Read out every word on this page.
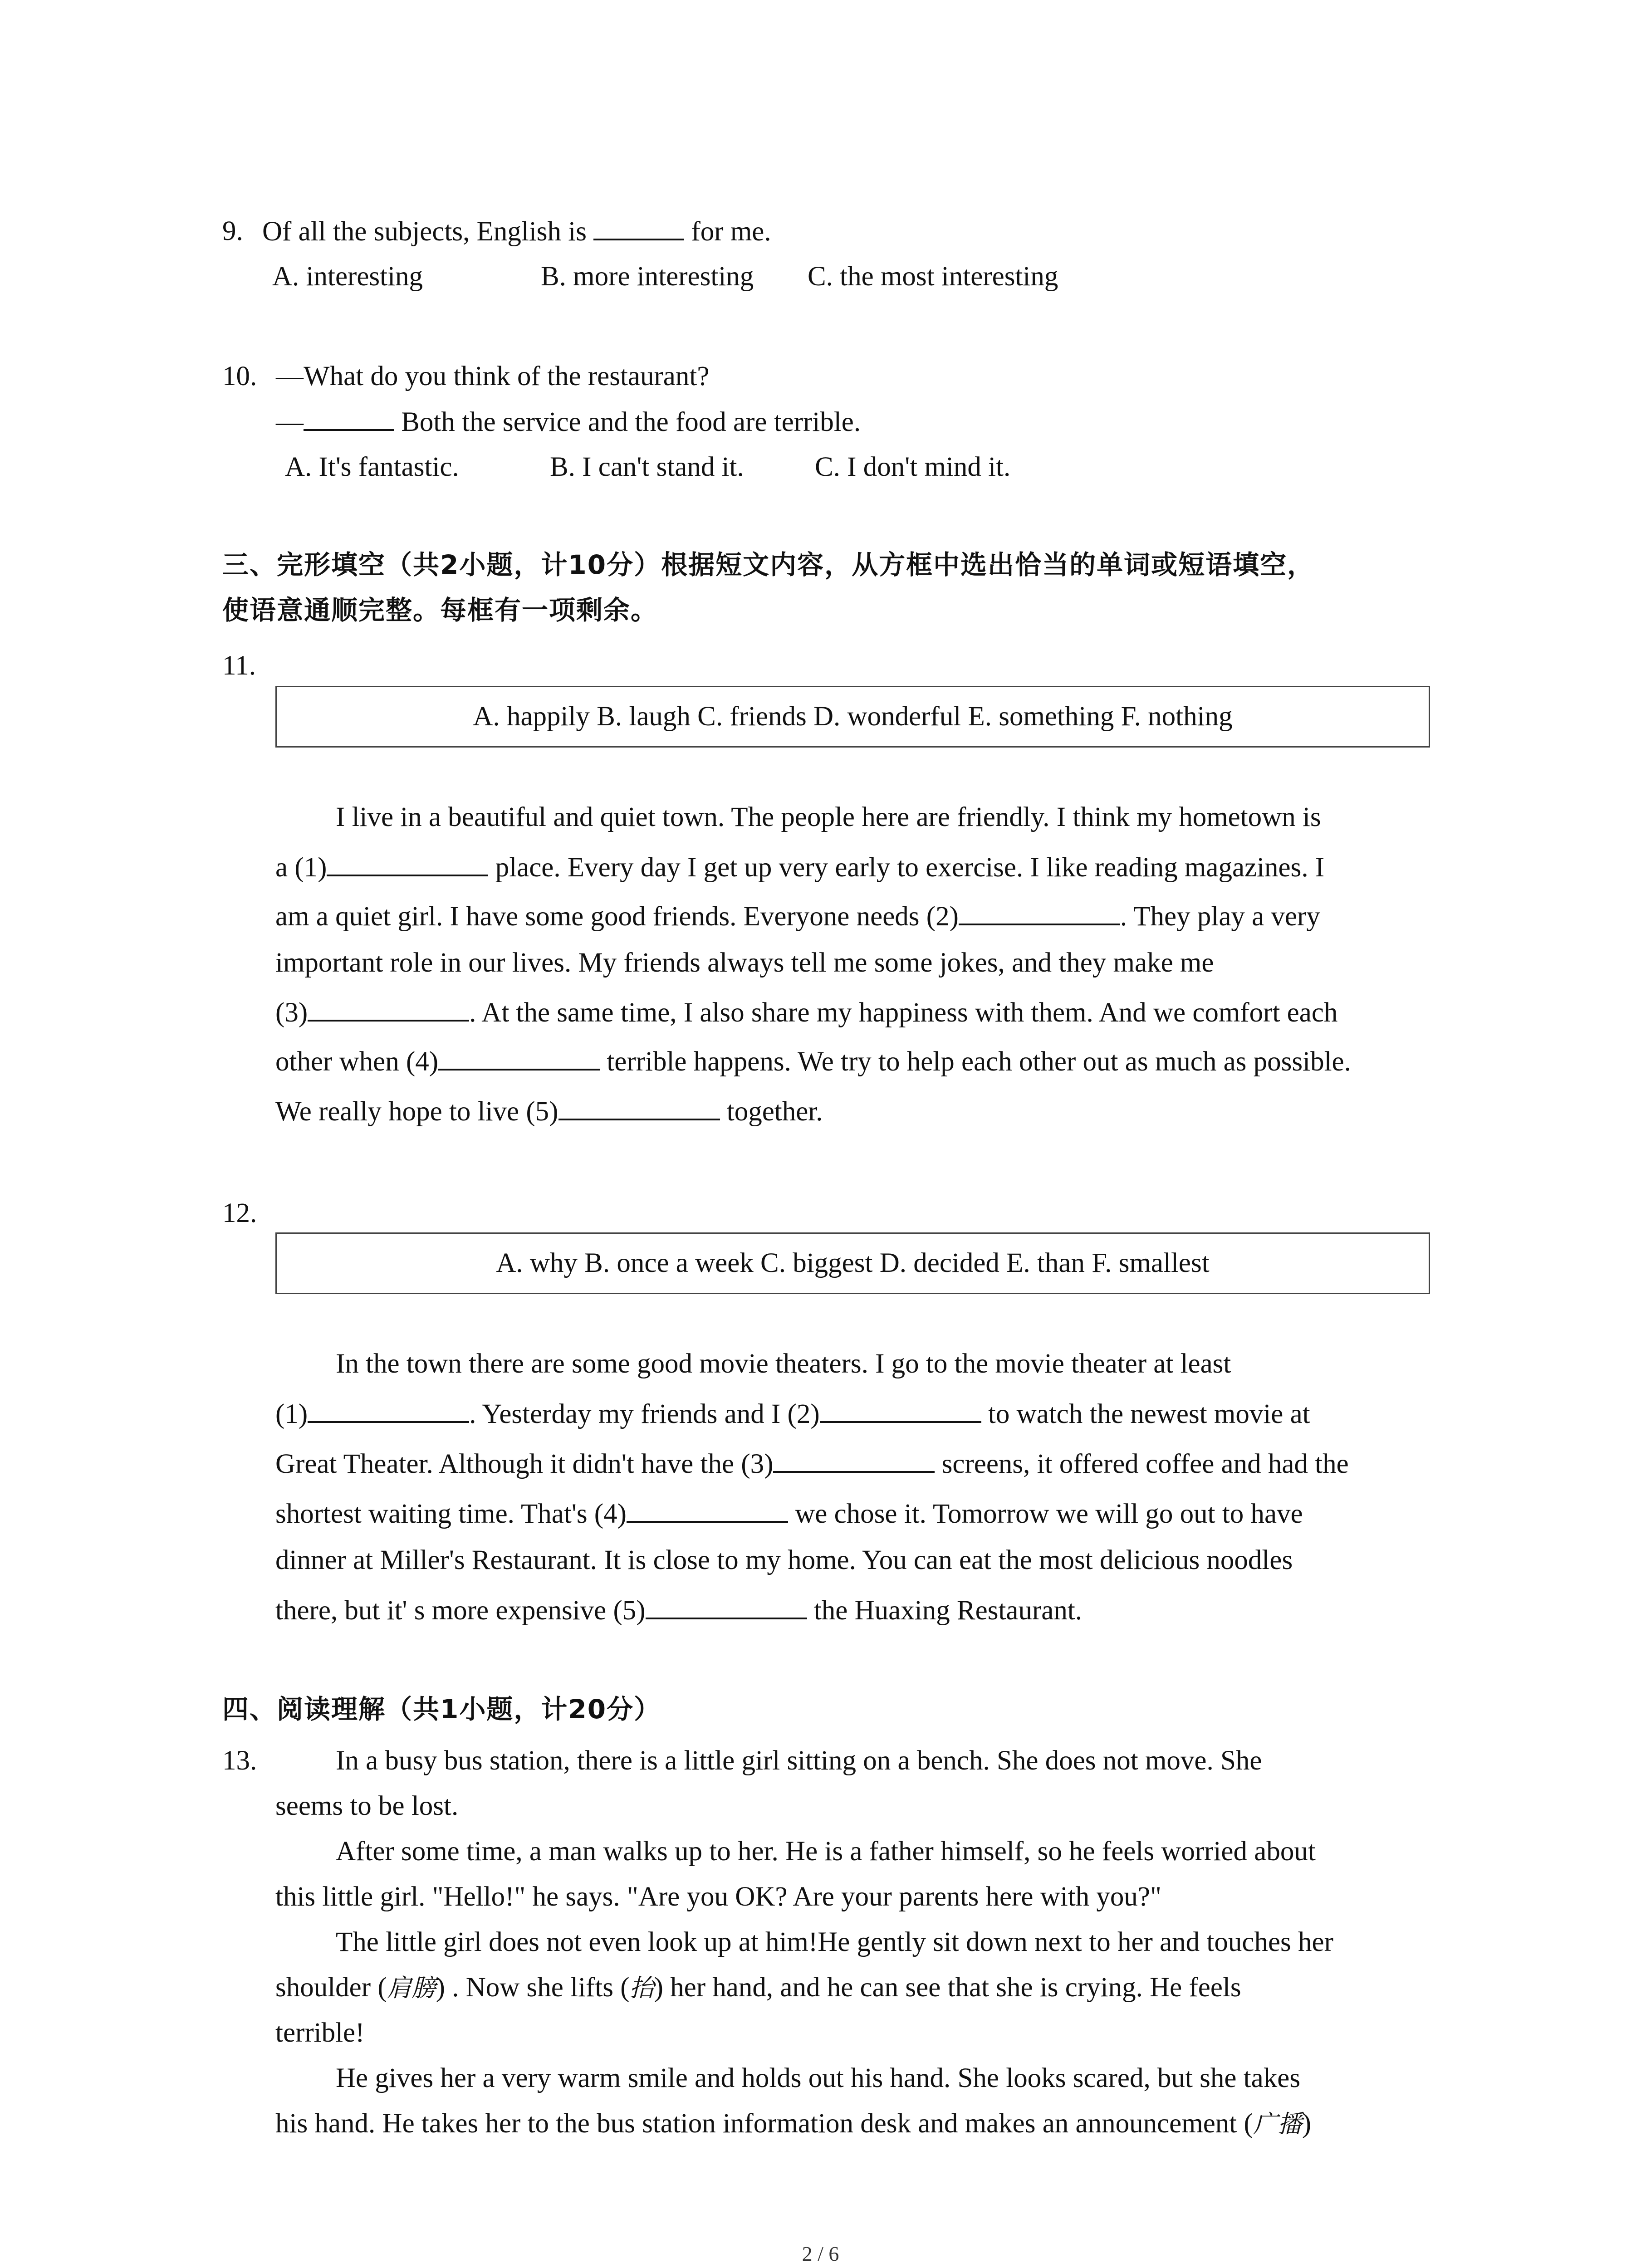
9. Of all the subjects, English is	for me.
A. interesting	B. more interesting C. the most interesting
10. —What do you think of the restaurant?
—	Both the service and the food are terrible.
A. It's fantastic.	B. I can't stand it.	C. I don't mind it.
三、完形填空（共2小题，计10分）根据短文内容，从方框中选出恰当的单词或短语填空，
使语意通顺完整。每框有一项剩余。
11.
A. happily B. laugh C. friends D. wonderful E. something F. nothing
I live in a beautiful and quiet town. The people here are friendly. I think my hometown is
a (1)	place. Every day I get up very early to exercise. I like reading magazines. I
am a quiet girl. I have some good friends. Everyone needs (2)	. They play a very
important role in our lives. My friends always tell me some jokes, and they make me
(3)	. At the same time, I also share my happiness with them. And we comfort each
other when (4)	terrible happens. We try to help each other out as much as possible.
We really hope to live (5)	together.
12.
A. why B. once a week C. biggest D. decided E. than F. smallest
In the town there are some good movie theaters. I go to the movie theater at least
(1)	. Yesterday my friends and I (2)	to watch the newest movie at
Great Theater. Although it didn't have the (3)	screens, it offered coffee and had the
shortest waiting time. That's (4)	we chose it. Tomorrow we will go out to have
dinner at Miller's Restaurant. It is close to my home. You can eat the most delicious noodles
there, but it' s more expensive (5)	the Huaxing Restaurant.
四、阅读理解（共1小题，计20分）
13.	In a busy bus station, there is a little girl sitting on a bench. She does not move. She
seems to be lost.
After some time, a man walks up to her. He is a father himself, so he feels worried about
this little girl. "Hello!" he says. "Are you OK? Are your parents here with you?"
The little girl does not even look up at him!He gently sit down next to her and touches her
shoulder (肩膀) . Now she lifts (抬) her hand, and he can see that she is crying. He feels
terrible!
He gives her a very warm smile and holds out his hand. She looks scared, but she takes
his hand. He takes her to the bus station information desk and makes an announcement (广播)
2 / 6
